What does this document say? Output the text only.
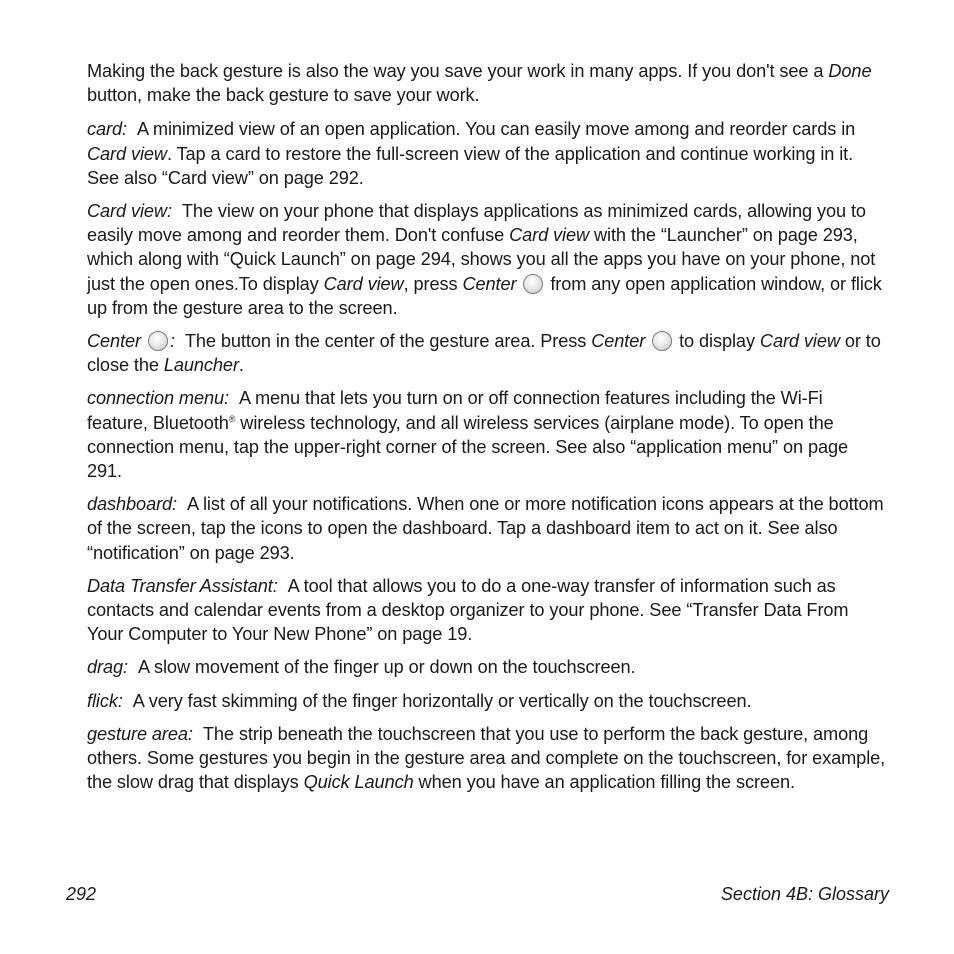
Making the back gesture is also the way you save your work in many apps. If you don't see a Done button, make the back gesture to save your work.

card: A minimized view of an open application. You can easily move among and reorder cards in Card view. Tap a card to restore the full-screen view of the application and continue working in it. See also “Card view” on page 292.

Card view: The view on your phone that displays applications as minimized cards, allowing you to easily move among and reorder them. Don't confuse Card view with the “Launcher” on page 293, which along with “Quick Launch” on page 294, shows you all the apps you have on your phone, not just the open ones.To display Card view, press Center  from any open application window, or flick up from the gesture area to the screen.

Center : The button in the center of the gesture area. Press Center  to display Card view or to close the Launcher.

connection menu: A menu that lets you turn on or off connection features including the Wi-Fi feature, Bluetooth® wireless technology, and all wireless services (airplane mode). To open the connection menu, tap the upper-right corner of the screen. See also “application menu” on page 291.

dashboard: A list of all your notifications. When one or more notification icons appears at the bottom of the screen, tap the icons to open the dashboard. Tap a dashboard item to act on it. See also “notification” on page 293.

Data Transfer Assistant: A tool that allows you to do a one-way transfer of information such as contacts and calendar events from a desktop organizer to your phone. See “Transfer Data From Your Computer to Your New Phone” on page 19.

drag: A slow movement of the finger up or down on the touchscreen.

flick: A very fast skimming of the finger horizontally or vertically on the touchscreen.

gesture area: The strip beneath the touchscreen that you use to perform the back gesture, among others. Some gestures you begin in the gesture area and complete on the touchscreen, for example, the slow drag that displays Quick Launch when you have an application filling the screen.

292	Section 4B: Glossary
